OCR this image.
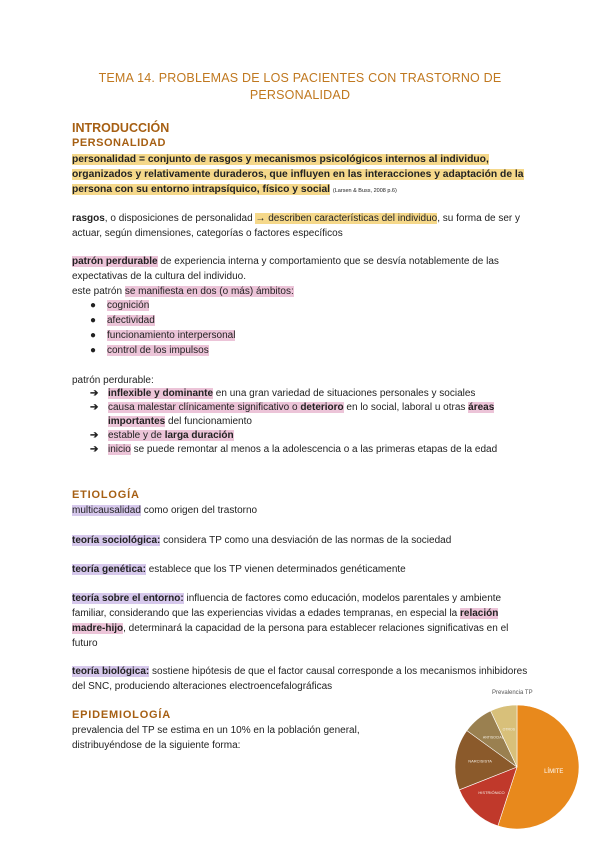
TEMA 14. PROBLEMAS DE LOS PACIENTES CON TRASTORNO DE
PERSONALIDAD
INTRODUCCIÓN
PERSONALIDAD
personalidad = conjunto de rasgos y mecanismos psicológicos internos al individuo, organizados y relativamente duraderos, que influyen en las interacciones y adaptación de la persona con su entorno intrapsíquico, físico y social (Larsen & Buss, 2008 p.6)
rasgos, o disposiciones de personalidad → describen características del individuo, su forma de ser y actuar, según dimensiones, categorías o factores específicos
patrón perdurable de experiencia interna y comportamiento que se desvía notablemente de las expectativas de la cultura del individuo.
este patrón se manifiesta en dos (o más) ámbitos:
● cognición
● afectividad
● funcionamiento interpersonal
● control de los impulsos
patrón perdurable:
➔ inflexible y dominante en una gran variedad de situaciones personales y sociales
➔ causa malestar clínicamente significativo o deterioro en lo social, laboral u otras áreas importantes del funcionamiento
➔ estable y de larga duración
➔ inicio se puede remontar al menos a la adolescencia o a las primeras etapas de la edad
ETIOLOGÍA
multicausalidad como origen del trastorno
teoría sociológica: considera TP como una desviación de las normas de la sociedad
teoría genética: establece que los TP vienen determinados genéticamente
teoría sobre el entorno: influencia de factores como educación, modelos parentales y ambiente familiar, considerando que las experiencias vividas a edades tempranas, en especial la relación madre-hijo, determinará la capacidad de la persona para establecer relaciones significativas en el futuro
teoría biológica: sostiene hipótesis de que el factor causal corresponde a los mecanismos inhibidores del SNC, produciendo alteraciones electroencefalográficas
EPIDEMIOLOGÍA
prevalencia del TP se estima en un 10% en la población general, distribuyéndose de la siguiente forma:
Prevalencia TP
LÍMITE
HISTRIÓNICO
NARCISISTA
ANTISOCIAL
OTROS
